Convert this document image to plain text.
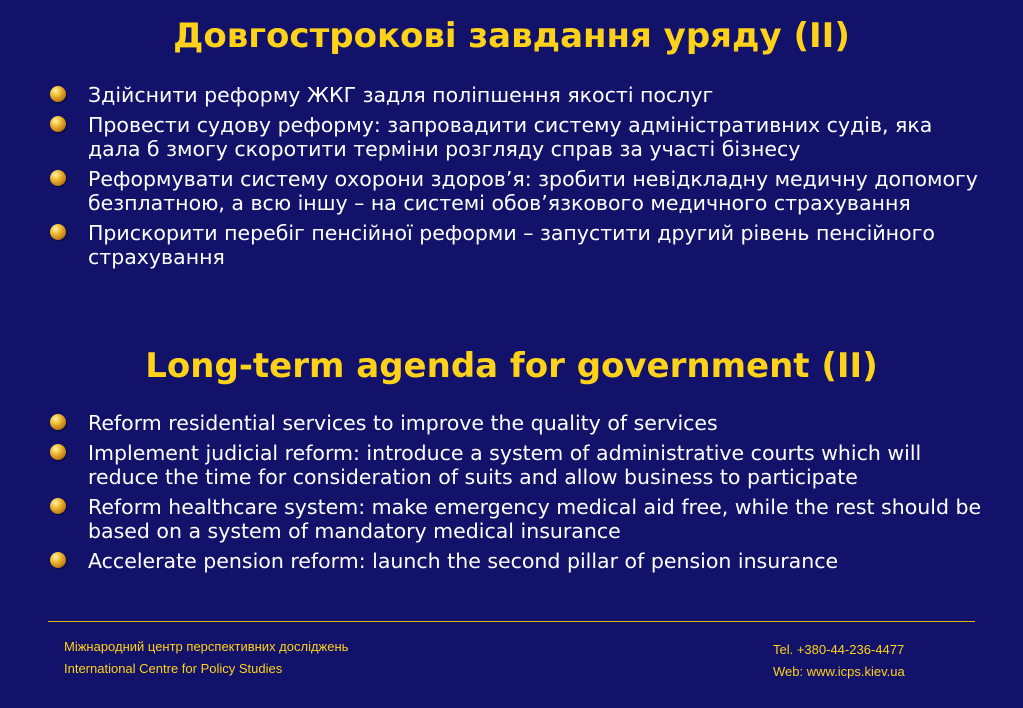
Довгострокові завдання уряду (ІІ)
Здійснити реформу ЖКГ задля поліпшення якості послуг
Провести судову реформу: запровадити систему адміністративних судів, яка дала б змогу скоротити терміни розгляду справ за участі бізнесу
Реформувати систему охорони здоров’я: зробити невідкладну медичну допомогу безплатною, а всю іншу – на системі обов’язкового медичного страхування
Прискорити перебіг пенсійної реформи – запустити другий рівень пенсійного страхування
Long-term agenda for government (II)
Reform residential services to improve the quality of services
Implement judicial reform: introduce a system of administrative courts which will reduce the time for consideration of suits and allow business to participate
Reform healthcare system: make emergency medical aid free, while the rest should be based on a system of mandatory medical insurance
Accelerate pension reform: launch the second pillar of pension insurance
Міжнародний центр перспективних досліджень
International Centre for Policy Studies
Tel. +380-44-236-4477
Web: www.icps.kiev.ua
